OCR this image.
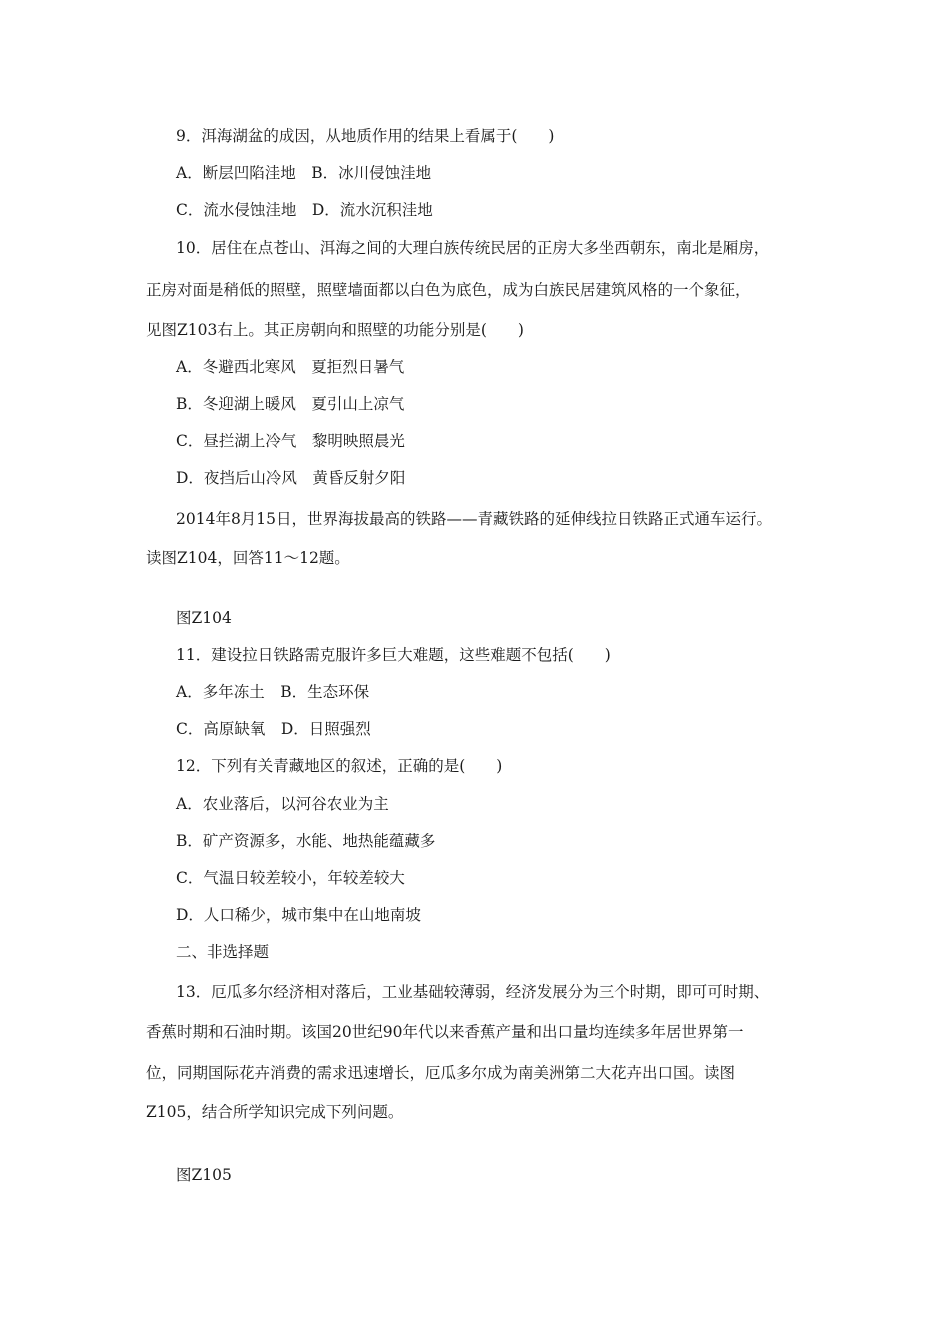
9．洱海湖盆的成因，从地质作用的结果上看属于(　　)
A．断层凹陷洼地　B．冰川侵蚀洼地
C．流水侵蚀洼地　D．流水沉积洼地
10．居住在点苍山、洱海之间的大理白族传统民居的正房大多坐西朝东，南北是厢房，
正房对面是稍低的照壁，照壁墙面都以白色为底色，成为白族民居建筑风格的一个象征，
见图Z103右上。其正房朝向和照壁的功能分别是(　　)
A．冬避西北寒风　夏拒烈日暑气
B．冬迎湖上暖风　夏引山上凉气
C．昼拦湖上冷气　黎明映照晨光
D．夜挡后山冷风　黄昏反射夕阳
2014年8月15日，世界海拔最高的铁路——青藏铁路的延伸线拉日铁路正式通车运行。
读图Z104，回答11～12题。
图Z104
11．建设拉日铁路需克服许多巨大难题，这些难题不包括(　　)
A．多年冻土　B．生态环保
C．高原缺氧　D．日照强烈
12．下列有关青藏地区的叙述，正确的是(　　)
A．农业落后，以河谷农业为主
B．矿产资源多，水能、地热能蕴藏多
C．气温日较差较小，年较差较大
D．人口稀少，城市集中在山地南坡
二、非选择题
13．厄瓜多尔经济相对落后，工业基础较薄弱，经济发展分为三个时期，即可可时期、
香蕉时期和石油时期。该国20世纪90年代以来香蕉产量和出口量均连续多年居世界第一
位，同期国际花卉消费的需求迅速增长，厄瓜多尔成为南美洲第二大花卉出口国。读图
Z105，结合所学知识完成下列问题。
图Z105
